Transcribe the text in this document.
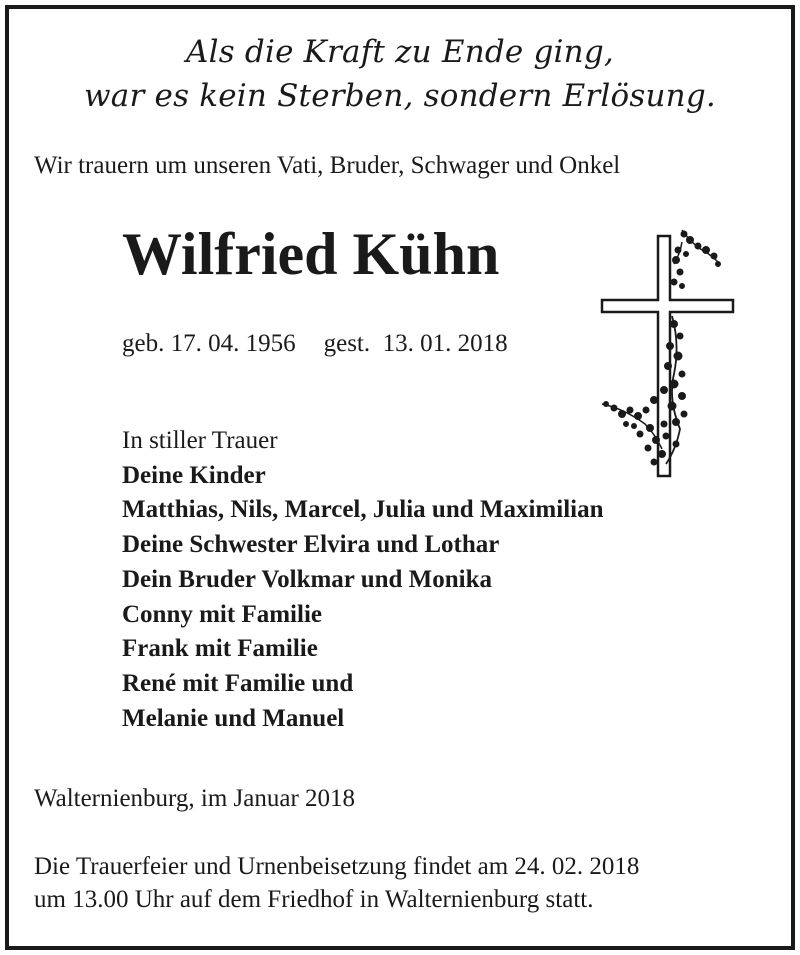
Als die Kraft zu Ende ging,
war es kein Sterben, sondern Erlösung.
Wir trauern um unseren Vati, Bruder, Schwager und Onkel
Wilfried Kühn
geb. 17. 04. 1956 gest.  13. 01. 2018
In stiller Trauer
Deine Kinder
Matthias, Nils, Marcel, Julia und Maximilian
Deine Schwester Elvira und Lothar
Dein Bruder Volkmar und Monika
Conny mit Familie
Frank mit Familie
René mit Familie und
Melanie und Manuel
Walternienburg, im Januar 2018
Die Trauerfeier und Urnenbeisetzung findet am 24. 02. 2018
um 13.00 Uhr auf dem Friedhof in Walternienburg statt.
